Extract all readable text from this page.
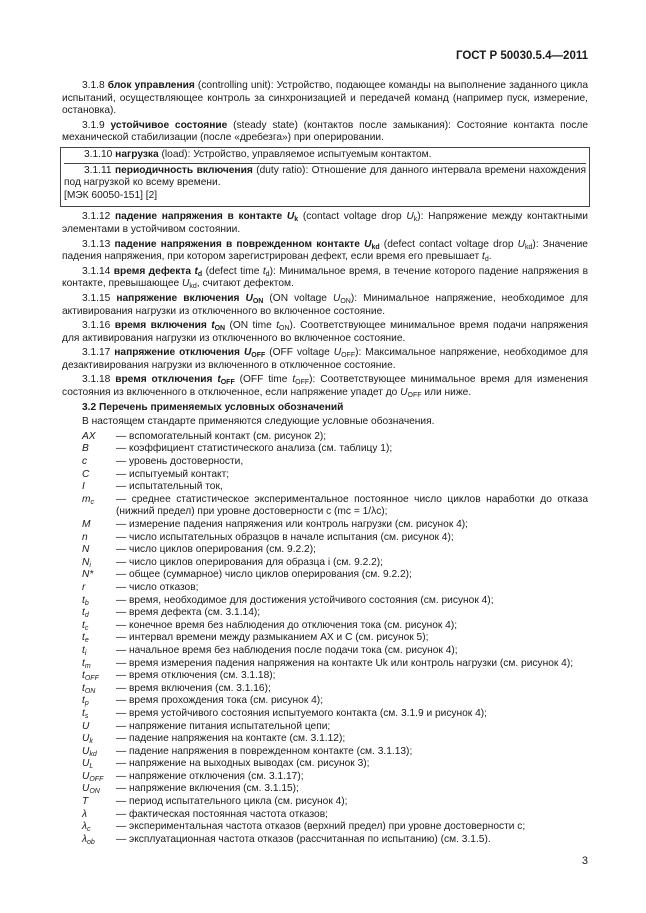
ГОСТ Р 50030.5.4—2011
3.1.8 блок управления (controlling unit): Устройство, подающее команды на выполнение заданного цикла испытаний, осуществляющее контроль за синхронизацией и передачей команд (например пуск, измерение, остановка).
3.1.9 устойчивое состояние (steady state) (контактов после замыкания): Состояние контакта после механической стабилизации (после «дребезга») при оперировании.
3.1.10 нагрузка (load): Устройство, управляемое испытуемым контактом.
3.1.11 периодичность включения (duty ratio): Отношение для данного интервала времени нахождения под нагрузкой ко всему времени.
[МЭК 60050-151] [2]
3.1.12 падение напряжения в контакте $U_k$ (contact voltage drop $U_k$): Напряжение между контактными элементами в устойчивом состоянии.
3.1.13 падение напряжения в поврежденном контакте $U_{kd}$ (defect contact voltage drop $U_{kd}$): Значение падения напряжения, при котором зарегистрирован дефект, если время его превышает $t_d$.
3.1.14 время дефекта $t_d$ (defect time $t_d$): Минимальное время, в течение которого падение напряжения в контакте, превышающее $U_{kd}$, считают дефектом.
3.1.15 напряжение включения $U_{ON}$ (ON voltage $U_{ON}$): Минимальное напряжение, необходимое для активирования нагрузки из отключенного во включенное состояние.
3.1.16 время включения $t_{ON}$ (ON time $t_{ON}$). Соответствующее минимальное время подачи напряжения для активирования нагрузки из отключенного во включенное состояние.
3.1.17 напряжение отключения $U_{OFF}$ (OFF voltage $U_{OFF}$): Максимальное напряжение, необходимое для дезактивирования нагрузки из включенного в отключенное состояние.
3.1.18 время отключения $t_{OFF}$ (OFF time $t_{OFF}$): Соответствующее минимальное время для изменения состояния из включенного в отключенное, если напряжение упадет до $U_{OFF}$ или ниже.
3.2 Перечень применяемых условных обозначений
В настоящем стандарте применяются следующие условные обозначения.
AX	— вспомогательный контакт (см. рисунок 2);
B	— коэффициент статистического анализа (см. таблицу 1);
c	— уровень достоверности,
C	— испытуемый контакт;
I	— испытательный ток,
$m_c$	— среднее статистическое экспериментальное постоянное число циклов наработки до отказа (нижний предел) при уровне достоверности c (mc = 1/λc);
M	— измерение падения напряжения или контроль нагрузки (см. рисунок 4);
n	— число испытательных образцов в начале испытания (см. рисунок 4);
N	— число циклов оперирования (см. 9.2.2);
$N_i$	— число циклов оперирования для образца i (см. 9.2.2);
N*	— общее (суммарное) число циклов оперирования (см. 9.2.2);
r	— число отказов;
$t_b$	— время, необходимое для достижения устойчивого состояния (см. рисунок 4);
$t_d$	— время дефекта (см. 3.1.14);
$t_c$	— конечное время без наблюдения до отключения тока (см. рисунок 4);
$t_e$	— интервал времени между размыканием AX и C (см. рисунок 5);
$t_i$	— начальное время без наблюдения после подачи тока (см. рисунок 4);
$t_m$	— время измерения падения напряжения на контакте Uk или контроль нагрузки (см. рисунок 4);
$t_{OFF}$	— время отключения (см. 3.1.18);
$t_{ON}$	— время включения (см. 3.1.16);
$t_p$	— время прохождения тока (см. рисунок 4);
$t_s$	— время устойчивого состояния испытуемого контакта (см. 3.1.9 и рисунок 4);
U	— напряжение питания испытательной цепи;
$U_k$	— падение напряжения на контакте (см. 3.1.12);
$U_{kd}$	— падение напряжения в поврежденном контакте (см. 3.1.13);
$U_L$	— напряжение на выходных выводах (см. рисунок 3);
$U_{OFF}$	— напряжение отключения (см. 3.1.17);
$U_{ON}$	— напряжение включения (см. 3.1.15);
T	— период испытательного цикла (см. рисунок 4);
λ	— фактическая постоянная частота отказов;
$\lambda_c$	— экспериментальная частота отказов (верхний предел) при уровне достоверности c;
$\lambda_{ob}$	— эксплуатационная частота отказов (рассчитанная по испытанию) (см. 3.1.5).
3
